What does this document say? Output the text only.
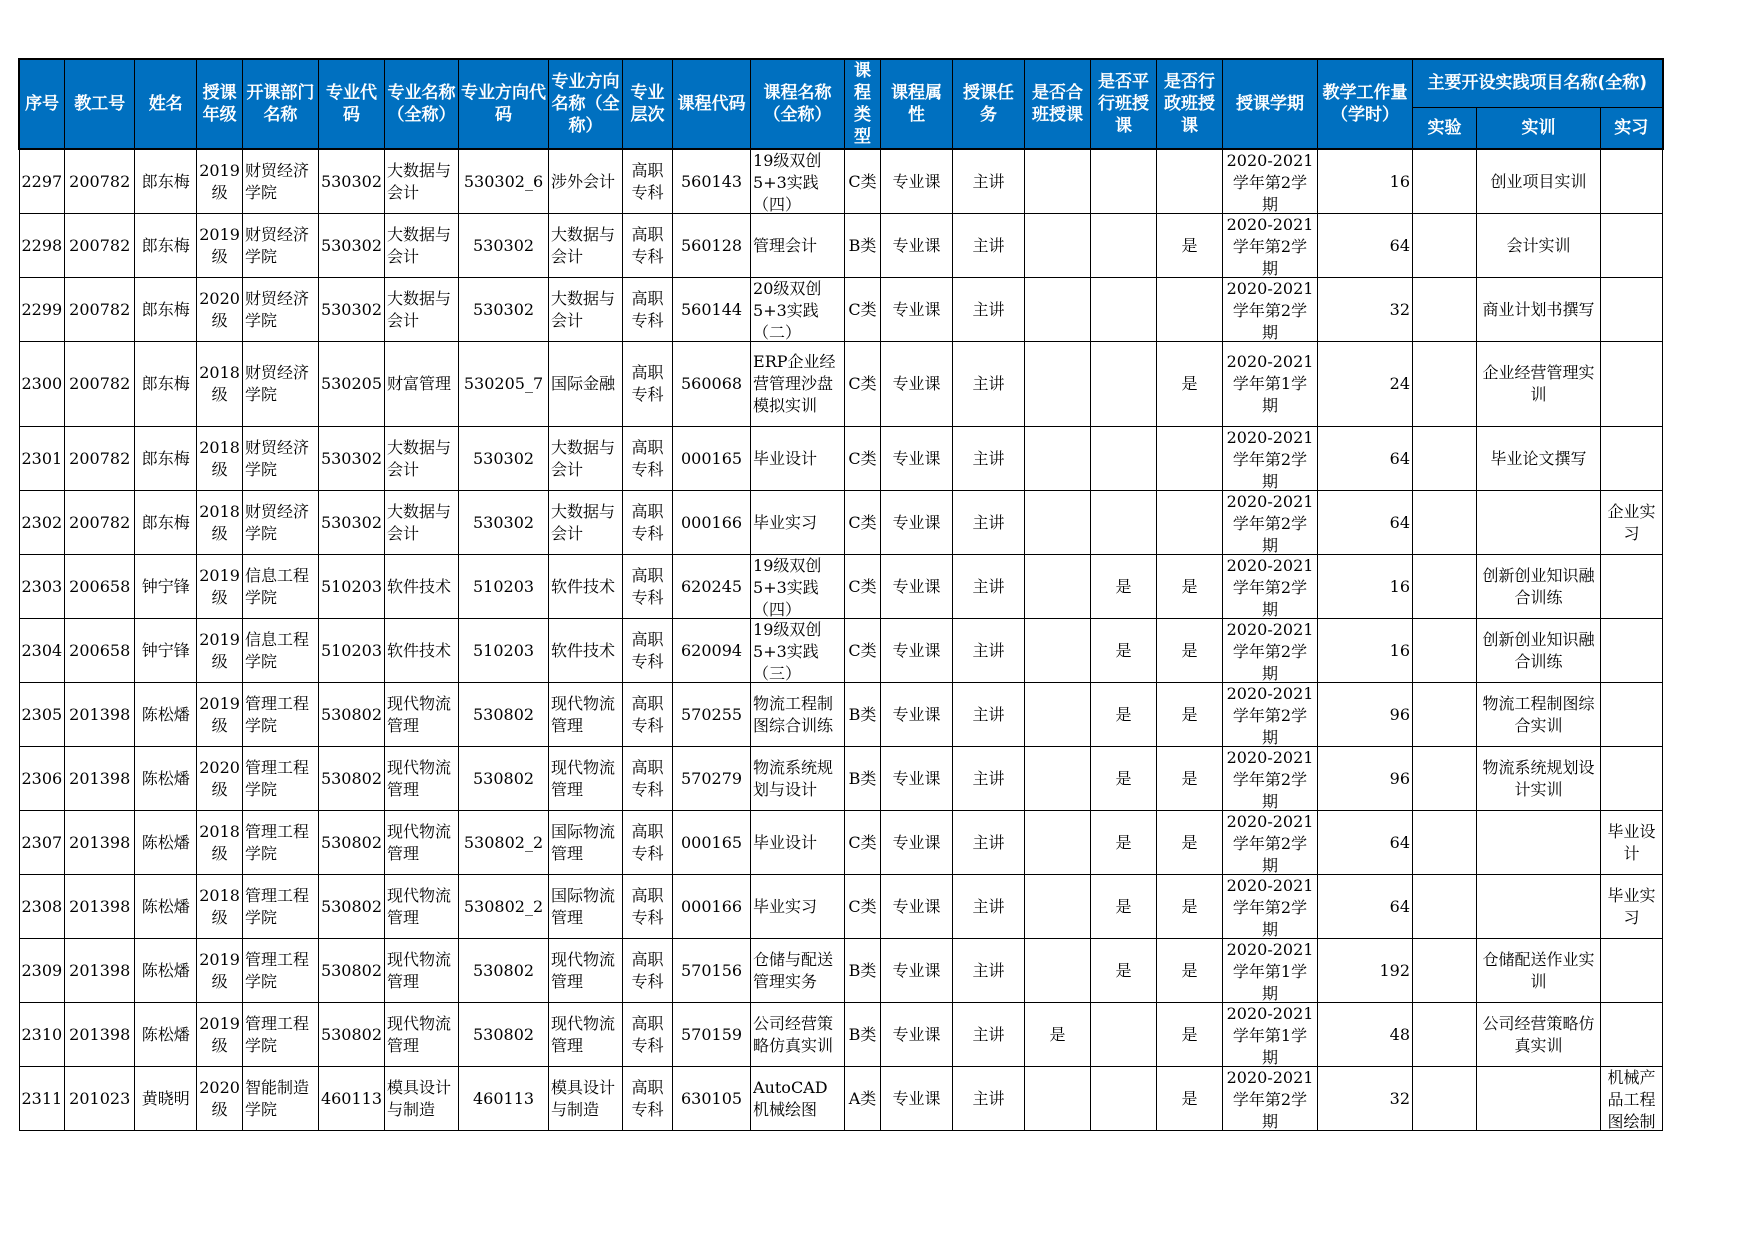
序号	教工号	姓名	授课年级	开课部门名称	专业代码	专业名称（全称）	专业方向代码	专业方向名称（全称）	专业层次	课程代码	课程名称（全称）	课程类型	课程属性	授课任务	是否合班授课	是否平行班授课	是否行政班授课	授课学期	教学工作量（学时）	主要开设实践项目名称(全称)		
																				实验	实训	实习

2297	200782	郎东梅	2019级	财贸经济学院	530302	大数据与会计	530302_6	涉外会计	高职专科	560143	19级双创5+3实践（四）	C类	专业课	主讲				2020-2021学年第2学期	16		创业项目实训	

2298	200782	郎东梅	2019级	财贸经济学院	530302	大数据与会计	530302	大数据与会计	高职专科	560128	管理会计	B类	专业课	主讲			是	2020-2021学年第2学期	64		会计实训	

2299	200782	郎东梅	2020级	财贸经济学院	530302	大数据与会计	530302	大数据与会计	高职专科	560144	20级双创5+3实践（二）	C类	专业课	主讲				2020-2021学年第2学期	32		商业计划书撰写	

2300	200782	郎东梅	2018级	财贸经济学院	530205	财富管理	530205_7	国际金融	高职专科	560068	ERP企业经营管理沙盘模拟实训	C类	专业课	主讲			是	2020-2021学年第1学期	24		企业经营管理实训	

2301	200782	郎东梅	2018级	财贸经济学院	530302	大数据与会计	530302	大数据与会计	高职专科	000165	毕业设计	C类	专业课	主讲				2020-2021学年第2学期	64		毕业论文撰写	

2302	200782	郎东梅	2018级	财贸经济学院	530302	大数据与会计	530302	大数据与会计	高职专科	000166	毕业实习	C类	专业课	主讲				2020-2021学年第2学期	64			企业实习

2303	200658	钟宁锋	2019级	信息工程学院	510203	软件技术	510203	软件技术	高职专科	620245	19级双创5+3实践（四）	C类	专业课	主讲		是	是	2020-2021学年第2学期	16		创新创业知识融合训练	

2304	200658	钟宁锋	2019级	信息工程学院	510203	软件技术	510203	软件技术	高职专科	620094	19级双创5+3实践（三）	C类	专业课	主讲		是	是	2020-2021学年第2学期	16		创新创业知识融合训练	

2305	201398	陈松燔	2019级	管理工程学院	530802	现代物流管理	530802	现代物流管理	高职专科	570255	物流工程制图综合训练	B类	专业课	主讲		是	是	2020-2021学年第2学期	96		物流工程制图综合实训	

2306	201398	陈松燔	2020级	管理工程学院	530802	现代物流管理	530802	现代物流管理	高职专科	570279	物流系统规划与设计	B类	专业课	主讲		是	是	2020-2021学年第2学期	96		物流系统规划设计实训	

2307	201398	陈松燔	2018级	管理工程学院	530802	现代物流管理	530802_2	国际物流管理	高职专科	000165	毕业设计	C类	专业课	主讲		是	是	2020-2021学年第2学期	64			毕业设计

2308	201398	陈松燔	2018级	管理工程学院	530802	现代物流管理	530802_2	国际物流管理	高职专科	000166	毕业实习	C类	专业课	主讲		是	是	2020-2021学年第2学期	64			毕业实习

2309	201398	陈松燔	2019级	管理工程学院	530802	现代物流管理	530802	现代物流管理	高职专科	570156	仓储与配送管理实务	B类	专业课	主讲		是	是	2020-2021学年第1学期	192		仓储配送作业实训	

2310	201398	陈松燔	2019级	管理工程学院	530802	现代物流管理	530802	现代物流管理	高职专科	570159	公司经营策略仿真实训	B类	专业课	主讲	是		是	2020-2021学年第1学期	48		公司经营策略仿真实训	

2311	201023	黄晓明	2020级	智能制造学院	460113	模具设计与制造	460113	模具设计与制造	高职专科	630105	AutoCAD机械绘图	A类	专业课	主讲			是	2020-2021学年第2学期	32			机械产品工程图绘制
